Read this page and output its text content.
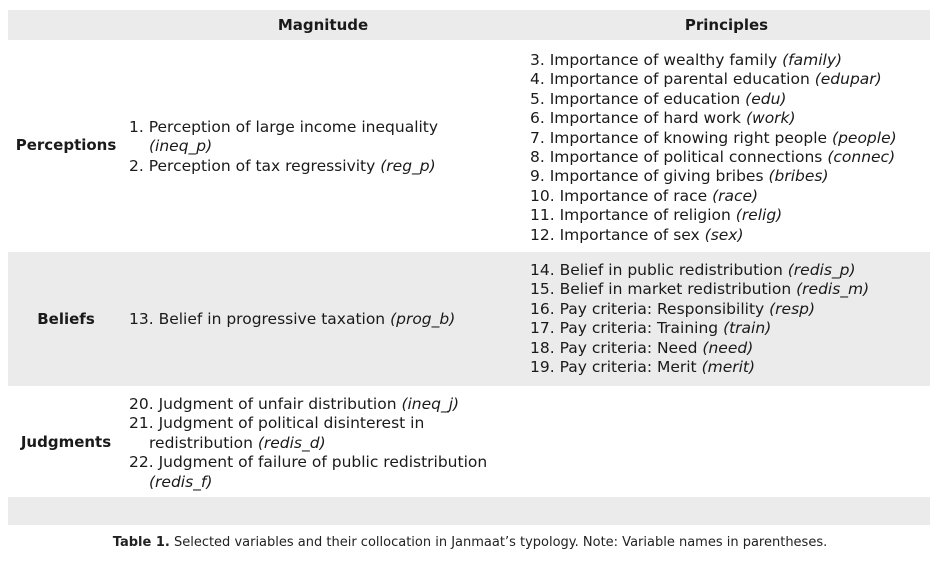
Magnitude	Principles
Perceptions
1. Perception of large income inequality (ineq_p)
2. Perception of tax regressivity (reg_p)
3. Importance of wealthy family (family)
4. Importance of parental education (edupar)
5. Importance of education (edu)
6. Importance of hard work (work)
7. Importance of knowing right people (people)
8. Importance of political connections (connec)
9. Importance of giving bribes (bribes)
10. Importance of race (race)
11. Importance of religion (relig)
12. Importance of sex (sex)
Beliefs	13. Belief in progressive taxation (prog_b)
14. Belief in public redistribution (redis_p)
15. Belief in market redistribution (redis_m)
16. Pay criteria: Responsibility (resp)
17. Pay criteria: Training (train)
18. Pay criteria: Need (need)
19. Pay criteria: Merit (merit)
Judgments
20. Judgment of unfair distribution (ineq_j)
21. Judgment of political disinterest in redistribution (redis_d)
22. Judgment of failure of public redistribution (redis_f)
Table 1. Selected variables and their collocation in Janmaat’s typology. Note: Variable names in parentheses.
